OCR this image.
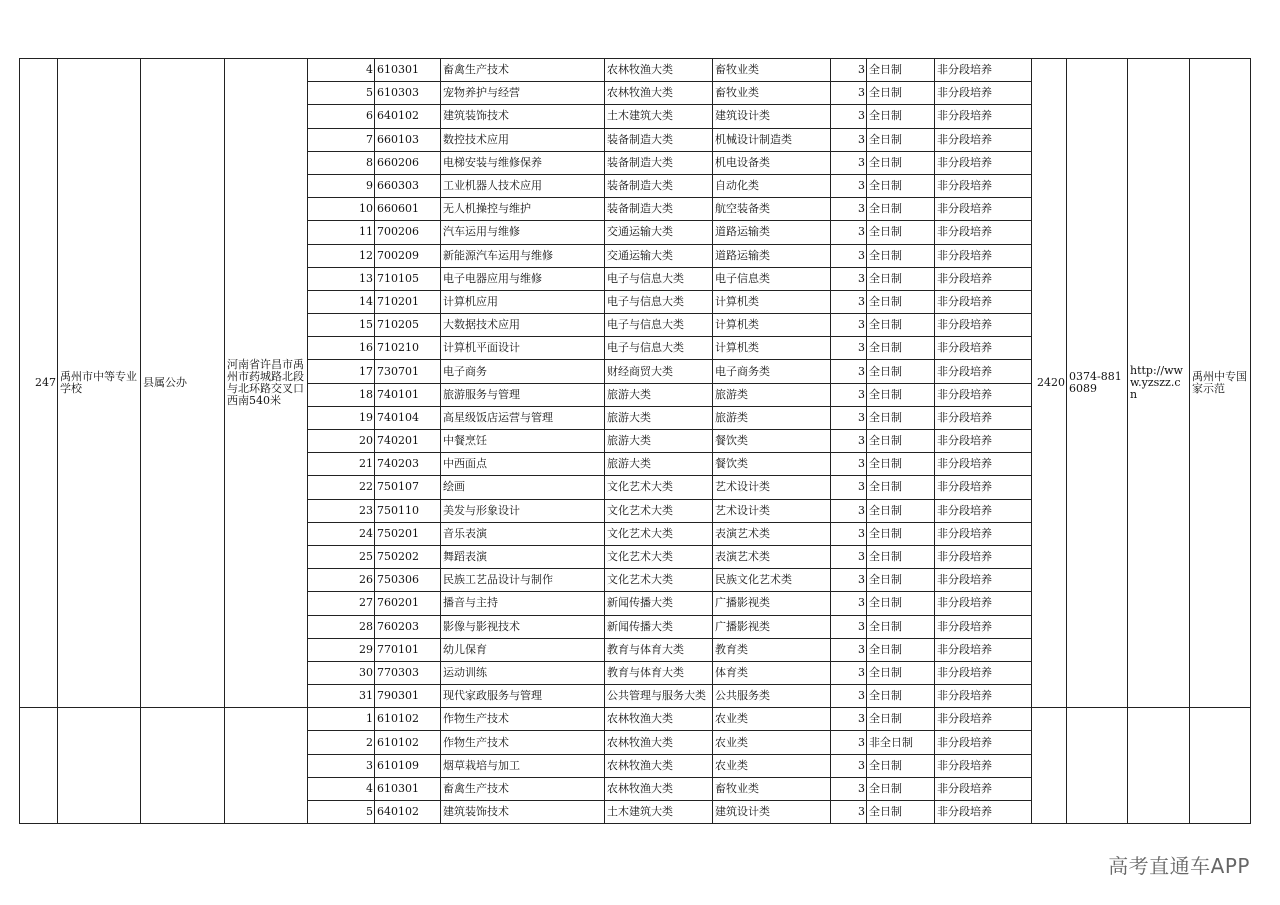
247	禹州市中等专业学校	县属公办	河南省许昌市禹州市药城路北段与北环路交叉口西南540米	4	610301	畜禽生产技术	农林牧渔大类	畜牧业类	3	全日制	非分段培养	2420	0374-8816089	http://www.yzszz.cn	禹州中专国家示范
				5	610303	宠物养护与经营	农林牧渔大类	畜牧业类	3	全日制	非分段培养				
				6	640102	建筑装饰技术	土木建筑大类	建筑设计类	3	全日制	非分段培养				
				7	660103	数控技术应用	装备制造大类	机械设计制造类	3	全日制	非分段培养				
				8	660206	电梯安装与维修保养	装备制造大类	机电设备类	3	全日制	非分段培养				
				9	660303	工业机器人技术应用	装备制造大类	自动化类	3	全日制	非分段培养				
				10	660601	无人机操控与维护	装备制造大类	航空装备类	3	全日制	非分段培养				
				11	700206	汽车运用与维修	交通运输大类	道路运输类	3	全日制	非分段培养				
				12	700209	新能源汽车运用与维修	交通运输大类	道路运输类	3	全日制	非分段培养				
				13	710105	电子电器应用与维修	电子与信息大类	电子信息类	3	全日制	非分段培养				
				14	710201	计算机应用	电子与信息大类	计算机类	3	全日制	非分段培养				
				15	710205	大数据技术应用	电子与信息大类	计算机类	3	全日制	非分段培养				
				16	710210	计算机平面设计	电子与信息大类	计算机类	3	全日制	非分段培养				
				17	730701	电子商务	财经商贸大类	电子商务类	3	全日制	非分段培养				
				18	740101	旅游服务与管理	旅游大类	旅游类	3	全日制	非分段培养				
				19	740104	高星级饭店运营与管理	旅游大类	旅游类	3	全日制	非分段培养				
				20	740201	中餐烹饪	旅游大类	餐饮类	3	全日制	非分段培养				
				21	740203	中西面点	旅游大类	餐饮类	3	全日制	非分段培养				
				22	750107	绘画	文化艺术大类	艺术设计类	3	全日制	非分段培养				
				23	750110	美发与形象设计	文化艺术大类	艺术设计类	3	全日制	非分段培养				
				24	750201	音乐表演	文化艺术大类	表演艺术类	3	全日制	非分段培养				
				25	750202	舞蹈表演	文化艺术大类	表演艺术类	3	全日制	非分段培养				
				26	750306	民族工艺品设计与制作	文化艺术大类	民族文化艺术类	3	全日制	非分段培养				
				27	760201	播音与主持	新闻传播大类	广播影视类	3	全日制	非分段培养				
				28	760203	影像与影视技术	新闻传播大类	广播影视类	3	全日制	非分段培养				
				29	770101	幼儿保育	教育与体育大类	教育类	3	全日制	非分段培养				
				30	770303	运动训练	教育与体育大类	体育类	3	全日制	非分段培养				
				31	790301	现代家政服务与管理	公共管理与服务大类	公共服务类	3	全日制	非分段培养				
				1	610102	作物生产技术	农林牧渔大类	农业类	3	全日制	非分段培养				
				2	610102	作物生产技术	农林牧渔大类	农业类	3	非全日制	非分段培养				
				3	610109	烟草栽培与加工	农林牧渔大类	农业类	3	全日制	非分段培养				
				4	610301	畜禽生产技术	农林牧渔大类	畜牧业类	3	全日制	非分段培养				
				5	640102	建筑装饰技术	土木建筑大类	建筑设计类	3	全日制	非分段培养				
高考直通车APP
